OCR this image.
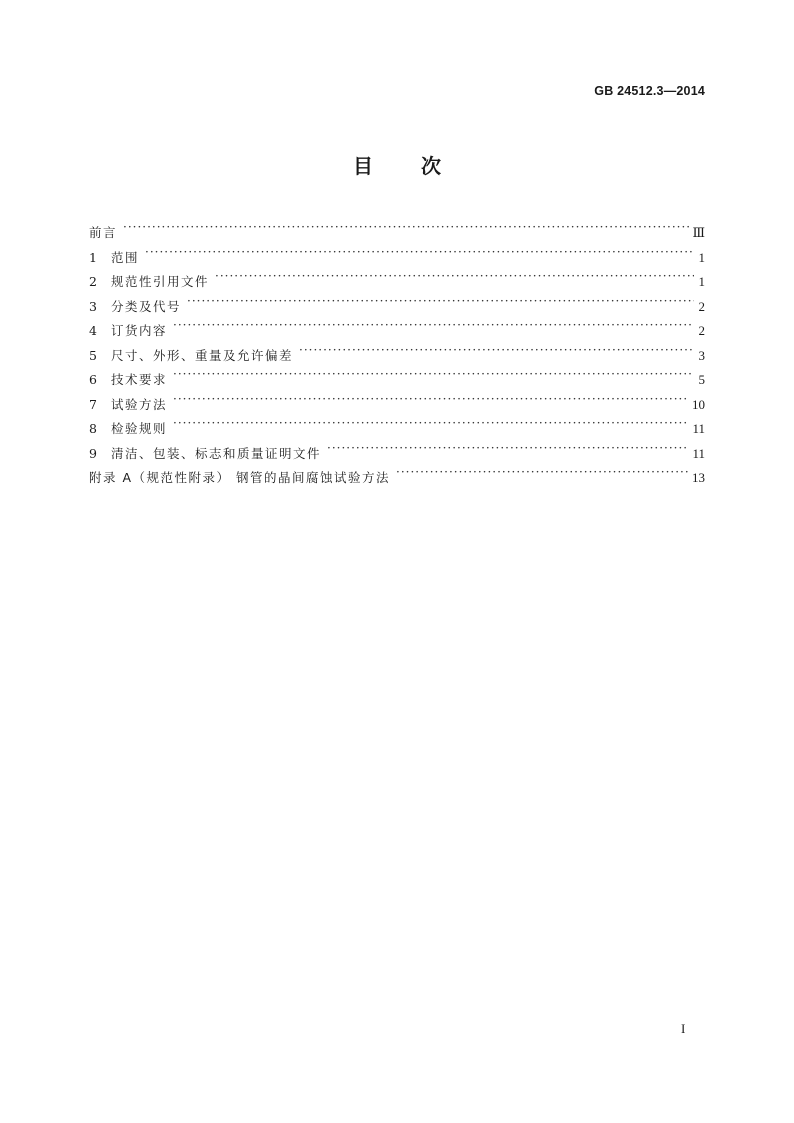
GB 24512.3—2014
目次
前言 ·····	Ⅲ
1	范围 ·····	1
2	规范性引用文件 ·····	1
3	分类及代号 ·····	2
4	订货内容 ·····	2
5	尺寸、外形、重量及允许偏差 ·····	3
6	技术要求 ·····	5
7	试验方法 ·····	10
8	检验规则 ·····	11
9	清洁、包装、标志和质量证明文件 ·····	11
附录 A（规范性附录） 钢管的晶间腐蚀试验方法 ·····	13
I
